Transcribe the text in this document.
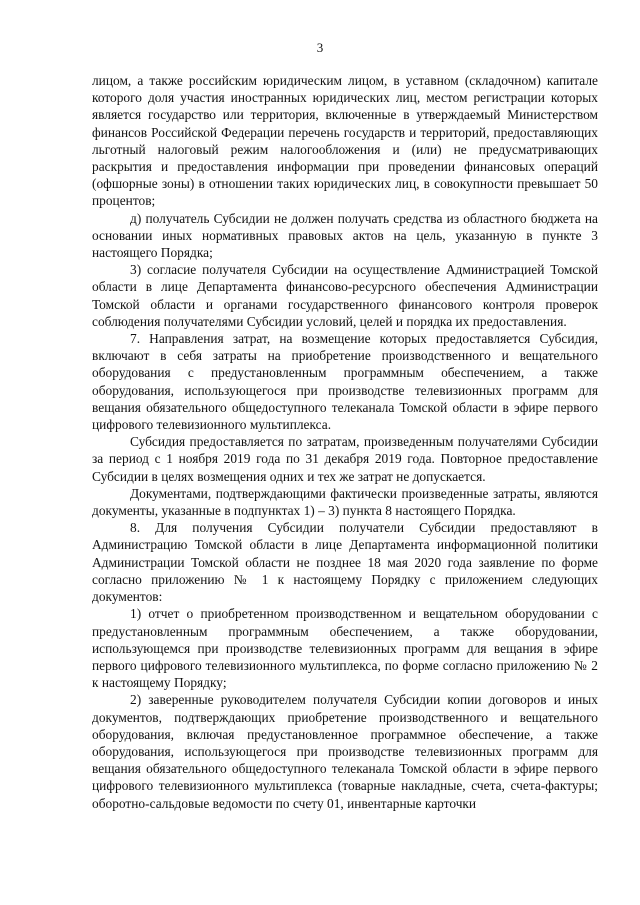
3

лицом, а также российским юридическим лицом, в уставном (складочном) капитале которого доля участия иностранных юридических лиц, местом регистрации которых является государство или территория, включенные в утверждаемый Министерством финансов Российской Федерации перечень государств и территорий, предоставляющих льготный налоговый режим налогообложения и (или) не предусматривающих раскрытия и предоставления информации при проведении финансовых операций (офшорные зоны) в отношении таких юридических лиц, в совокупности превышает 50 процентов;

д) получатель Субсидии не должен получать средства из областного бюджета на основании иных нормативных правовых актов на цель, указанную в пункте 3 настоящего Порядка;

3) согласие получателя Субсидии на осуществление Администрацией Томской области в лице Департамента финансово-ресурсного обеспечения Администрации Томской области и органами государственного финансового контроля проверок соблюдения получателями Субсидии условий, целей и порядка их предоставления.

7. Направления затрат, на возмещение которых предоставляется Субсидия, включают в себя затраты на приобретение производственного и вещательного оборудования с предустановленным программным обеспечением, а также оборудования, использующегося при производстве телевизионных программ для вещания обязательного общедоступного телеканала Томской области в эфире первого цифрового телевизионного мультиплекса.

Субсидия предоставляется по затратам, произведенным получателями Субсидии за период с 1 ноября 2019 года по 31 декабря 2019 года. Повторное предоставление Субсидии в целях возмещения одних и тех же затрат не допускается.

Документами, подтверждающими фактически произведенные затраты, являются документы, указанные в подпунктах 1) – 3) пункта 8 настоящего Порядка.

8. Для получения Субсидии получатели Субсидии предоставляют в Администрацию Томской области в лице Департамента информационной политики Администрации Томской области не позднее 18 мая 2020 года заявление по форме согласно приложению № 1 к настоящему Порядку с приложением следующих документов:

1) отчет о приобретенном производственном и вещательном оборудовании с предустановленным программным обеспечением, а также оборудовании, использующемся при производстве телевизионных программ для вещания в эфире первого цифрового телевизионного мультиплекса, по форме согласно приложению № 2 к настоящему Порядку;

2) заверенные руководителем получателя Субсидии копии договоров и иных документов, подтверждающих приобретение производственного и вещательного оборудования, включая предустановленное программное обеспечение, а также оборудования, использующегося при производстве телевизионных программ для вещания обязательного общедоступного телеканала Томской области в эфире первого цифрового телевизионного мультиплекса (товарные накладные, счета, счета-фактуры; оборотно-сальдовые ведомости по счету 01, инвентарные карточки
